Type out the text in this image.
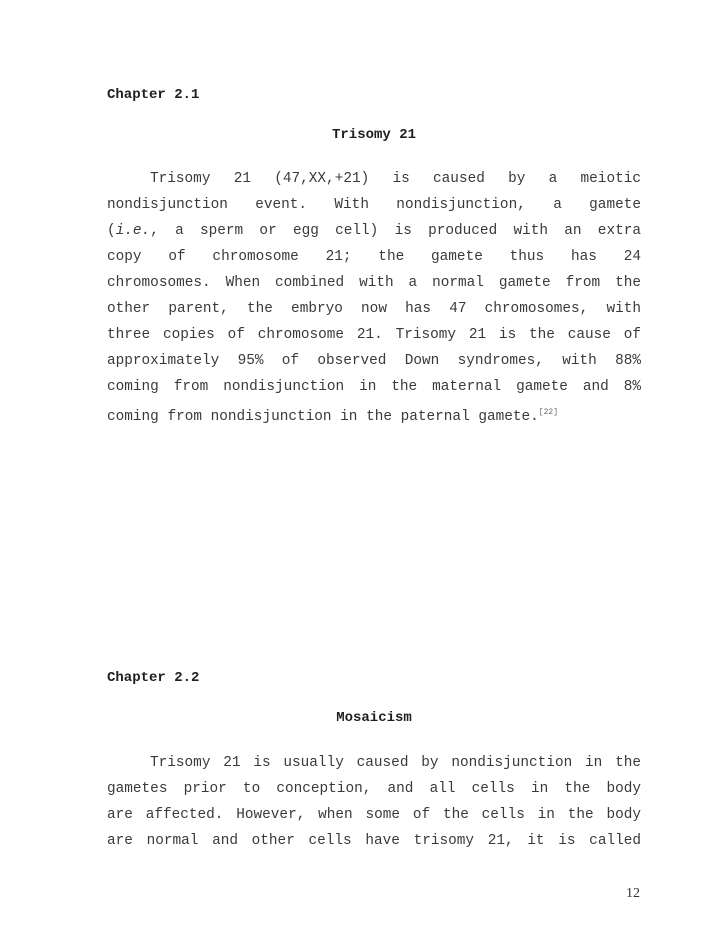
Chapter 2.1
Trisomy 21
Trisomy 21 (47,XX,+21) is caused by a meiotic
nondisjunction event. With nondisjunction, a gamete
(i.e., a sperm or egg cell) is produced with an extra
copy of chromosome 21; the gamete thus has 24
chromosomes. When combined with a normal gamete from the
other parent, the embryo now has 47 chromosomes, with
three copies of chromosome 21. Trisomy 21 is the cause of
approximately 95% of observed Down syndromes, with 88%
coming from nondisjunction in the maternal gamete and 8%
coming from nondisjunction in the paternal gamete.[22]
Chapter 2.2
Mosaicism
Trisomy 21 is usually caused by nondisjunction in the
gametes prior to conception, and all cells in the body
are affected. However, when some of the cells in the body
are normal and other cells have trisomy 21, it is called
12
